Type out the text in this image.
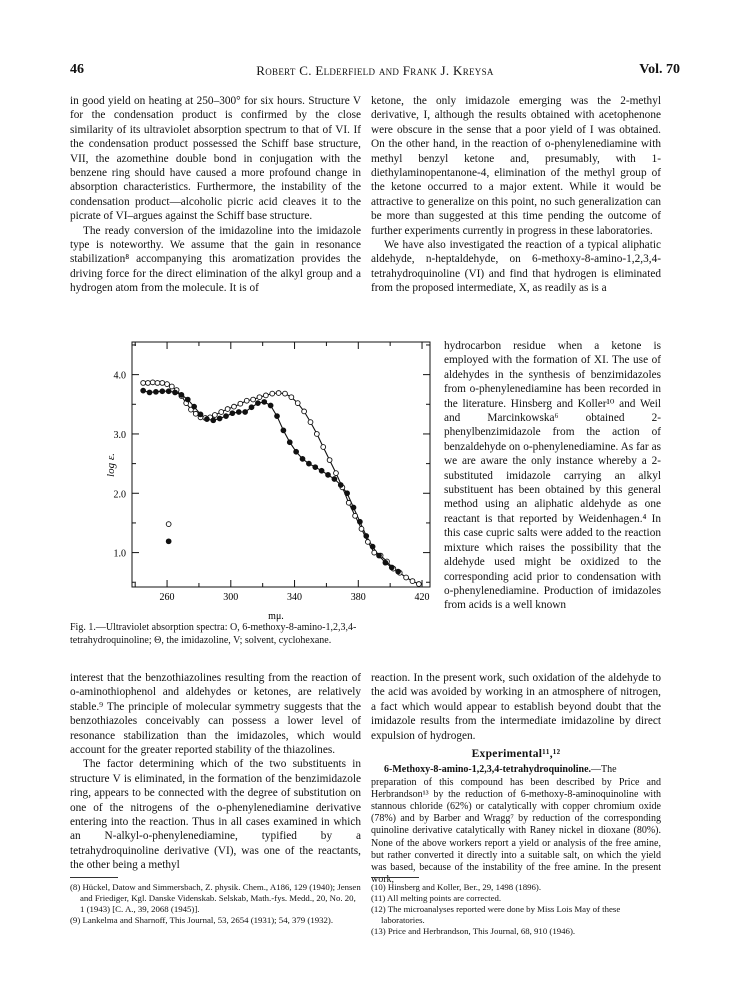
46	Robert C. Elderfield and Frank J. Kreysa	Vol. 70

in good yield on heating at 250–300° for six hours. Structure V for the condensation product is confirmed by the close similarity of its ultraviolet absorption spectrum to that of VI. If the condensation product possessed the Schiff base structure, VII, the azomethine double bond in conjugation with the benzene ring should have caused a more profound change in absorption characteristics. Furthermore, the instability of the condensation product—alcoholic picric acid cleaves it to the picrate of VI–argues against the Schiff base structure.

The ready conversion of the imidazoline into the imidazole type is noteworthy. We assume that the gain in resonance stabilization⁸ accompanying this aromatization provides the driving force for the direct elimination of the alkyl group and a hydrogen atom from the molecule. It is of

ketone, the only imidazole emerging was the 2-methyl derivative, I, although the results obtained with acetophenone were obscure in the sense that a poor yield of I was obtained. On the other hand, in the reaction of o-phenylenediamine with methyl benzyl ketone and, presumably, with 1-diethylaminopentanone-4, elimination of the methyl group of the ketone occurred to a major extent. While it would be attractive to generalize on this point, no such generalization can be more than suggested at this time pending the outcome of further experiments currently in progress in these laboratories.

We have also investigated the reaction of a typical aliphatic aldehyde, n-heptaldehyde, on 6-methoxy-8-amino-1,2,3,4-tetrahydroquinoline (VI) and find that hydrogen is eliminated from the proposed intermediate, X, as readily as is a

1.0
2.0
3.0
4.0
260	300	340	380	420
log ε.
mμ.
Fig. 1.—Ultraviolet absorption spectra: O, 6-methoxy-8-amino-1,2,3,4-tetrahydroquinoline; Θ, the imidazoline, V; solvent, cyclohexane.

hydrocarbon residue when a ketone is employed with the formation of XI. The use of aldehydes in the synthesis of benzimidazoles from o-phenylenediamine has been recorded in the literature. Hinsberg and Koller¹⁰ and Weil and Marcinkowska⁶ obtained 2-phenylbenzimidazole from the action of benzaldehyde on o-phenylenediamine. As far as we are aware the only instance whereby a 2-substituted imidazole carrying an alkyl substituent has been obtained by this general method using an aliphatic aldehyde as one reactant is that reported by Weidenhagen.⁴ In this case cupric salts were added to the reaction mixture which raises the possibility that the aldehyde used might be oxidized to the corresponding acid prior to condensation with o-phenylenediamine. Production of imidazoles from acids is a well known

interest that the benzothiazolines resulting from the reaction of o-aminothiophenol and aldehydes or ketones, are relatively stable.⁹ The principle of molecular symmetry suggests that the benzothiazoles conceivably can possess a lower level of resonance stabilization than the imidazoles, which would account for the greater reported stability of the thiazolines.

The factor determining which of the two substituents in structure V is eliminated, in the formation of the benzimidazole ring, appears to be connected with the degree of substitution on one of the nitrogens of the o-phenylenediamine derivative entering into the reaction. Thus in all cases examined in which an N-alkyl-o-phenylenediamine, typified by a tetrahydroquinoline derivative (VI), was one of the reactants, the other being a methyl

reaction. In the present work, such oxidation of the aldehyde to the acid was avoided by working in an atmosphere of nitrogen, a fact which would appear to establish beyond doubt that the imidazole results from the intermediate imidazoline by direct expulsion of hydrogen.

Experimental¹¹,¹²

6-Methoxy-8-amino-1,2,3,4-tetrahydroquinoline.—The preparation of this compound has been described by Price and Herbrandson¹³ by the reduction of 6-methoxy-8-aminoquinoline with stannous chloride (62%) or catalytically with copper chromium oxide (78%) and by Barber and Wragg⁷ by reduction of the corresponding quinoline derivative catalytically with Raney nickel in dioxane (80%). None of the above workers report a yield or analysis of the free amine, but rather converted it directly into a suitable salt, on which the yield was based, because of the instability of the free amine. In the present work,

(8) Hückel, Datow and Simmersbach, Z. physik. Chem., A186, 129 (1940); Jensen and Friediger, Kgl. Danske Videnskab. Selskab, Math.-fys. Medd., 20, No. 20, 1 (1943) [C. A., 39, 2068 (1945)].

(9) Lankelma and Sharnoff, This Journal, 53, 2654 (1931); 54, 379 (1932).

(10) Hinsberg and Koller, Ber., 29, 1498 (1896).

(11) All melting points are corrected.

(12) The microanalyses reported were done by Miss Lois May of these laboratories.

(13) Price and Herbrandson, This Journal, 68, 910 (1946).
